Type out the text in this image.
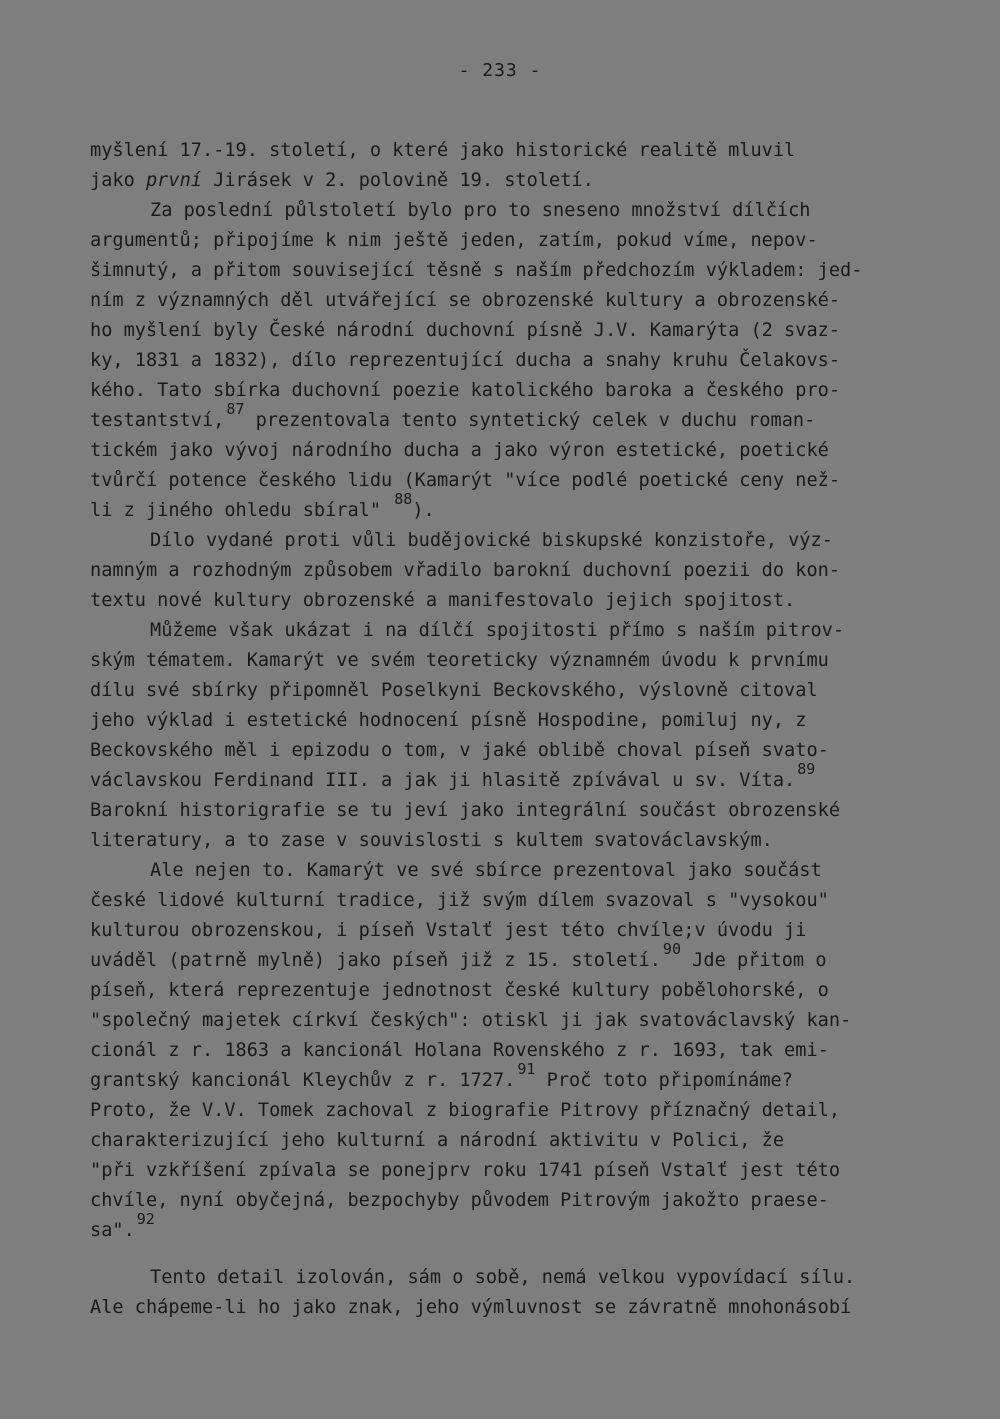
- 233 -
myšlení 17.-19. století, o které jako historické realitě mluvil
jako první Jirásek v 2. polovině 19. století.
Za poslední půlstoletí bylo pro to sneseno množství dílčích
argumentů; připojíme k nim ještě jeden, zatím, pokud víme, nepov-
šimnutý, a přitom související těsně s naším předchozím výkladem: jed-
ním z významných děl utvářející se obrozenské kultury a obrozenské-
ho myšlení byly České národní duchovní písně J.V. Kamarýta (2 svaz-
ky, 1831 a 1832), dílo reprezentující ducha a snahy kruhu Čelakovs-
kého. Tato sbírka duchovní poezie katolického baroka a českého pro-
testantství,$^{87}$ prezentovala tento syntetický celek v duchu roman-
tickém jako vývoj národního ducha a jako výron estetické, poetické
tvůrčí potence českého lidu (Kamarýt "více podlé poetické ceny než-
li z jiného ohledu sbíral" $^{88}$).
Dílo vydané proti vůli budějovické biskupské konzistoře, výz-
namným a rozhodným způsobem vřadilo barokní duchovní poezii do kon-
textu nové kultury obrozenské a manifestovalo jejich spojitost.
Můžeme však ukázat i na dílčí spojitosti přímo s naším pitrov-
ským tématem. Kamarýt ve svém teoreticky významném úvodu k prvnímu
dílu své sbírky připomněl Poselkyni Beckovského, výslovně citoval
jeho výklad i estetické hodnocení písně Hospodine, pomiluj ny, z
Beckovského měl i epizodu o tom, v jaké oblibě choval píseň svato-
václavskou Ferdinand III. a jak ji hlasitě zpívával u sv. Víta.$^{89}$
Barokní historigrafie se tu jeví jako integrální součást obrozenské
literatury, a to zase v souvislosti s kultem svatováclavským.
Ale nejen to. Kamarýt ve své sbírce prezentoval jako součást
české lidové kulturní tradice, již svým dílem svazoval s "vysokou"
kulturou obrozenskou, i píseň Vstalť jest této chvíle;v úvodu ji
uváděl (patrně mylně) jako píseň již z 15. století.$^{90}$ Jde přitom o
píseň, která reprezentuje jednotnost české kultury pobělohorské, o
"společný majetek církví českých": otiskl ji jak svatováclavský kan-
cionál z r. 1863 a kancionál Holana Rovenského z r. 1693, tak emi-
grantský kancionál Kleychův z r. 1727.91 Proč toto připomínáme?
Proto, že V.V. Tomek zachoval z biografie Pitrovy příznačný detail,
charakterizující jeho kulturní a národní aktivitu v Polici, že
"při vzkříšení zpívala se ponejprv roku 1741 píseň Vstalť jest této
chvíle, nyní obyčejná, bezpochyby původem Pitrovým jakožto praese-
sa".$^{92}$
Tento detail izolován, sám o sobě, nemá velkou vypovídací sílu.
Ale chápeme-li ho jako znak, jeho výmluvnost se závratně mnohonásobí
